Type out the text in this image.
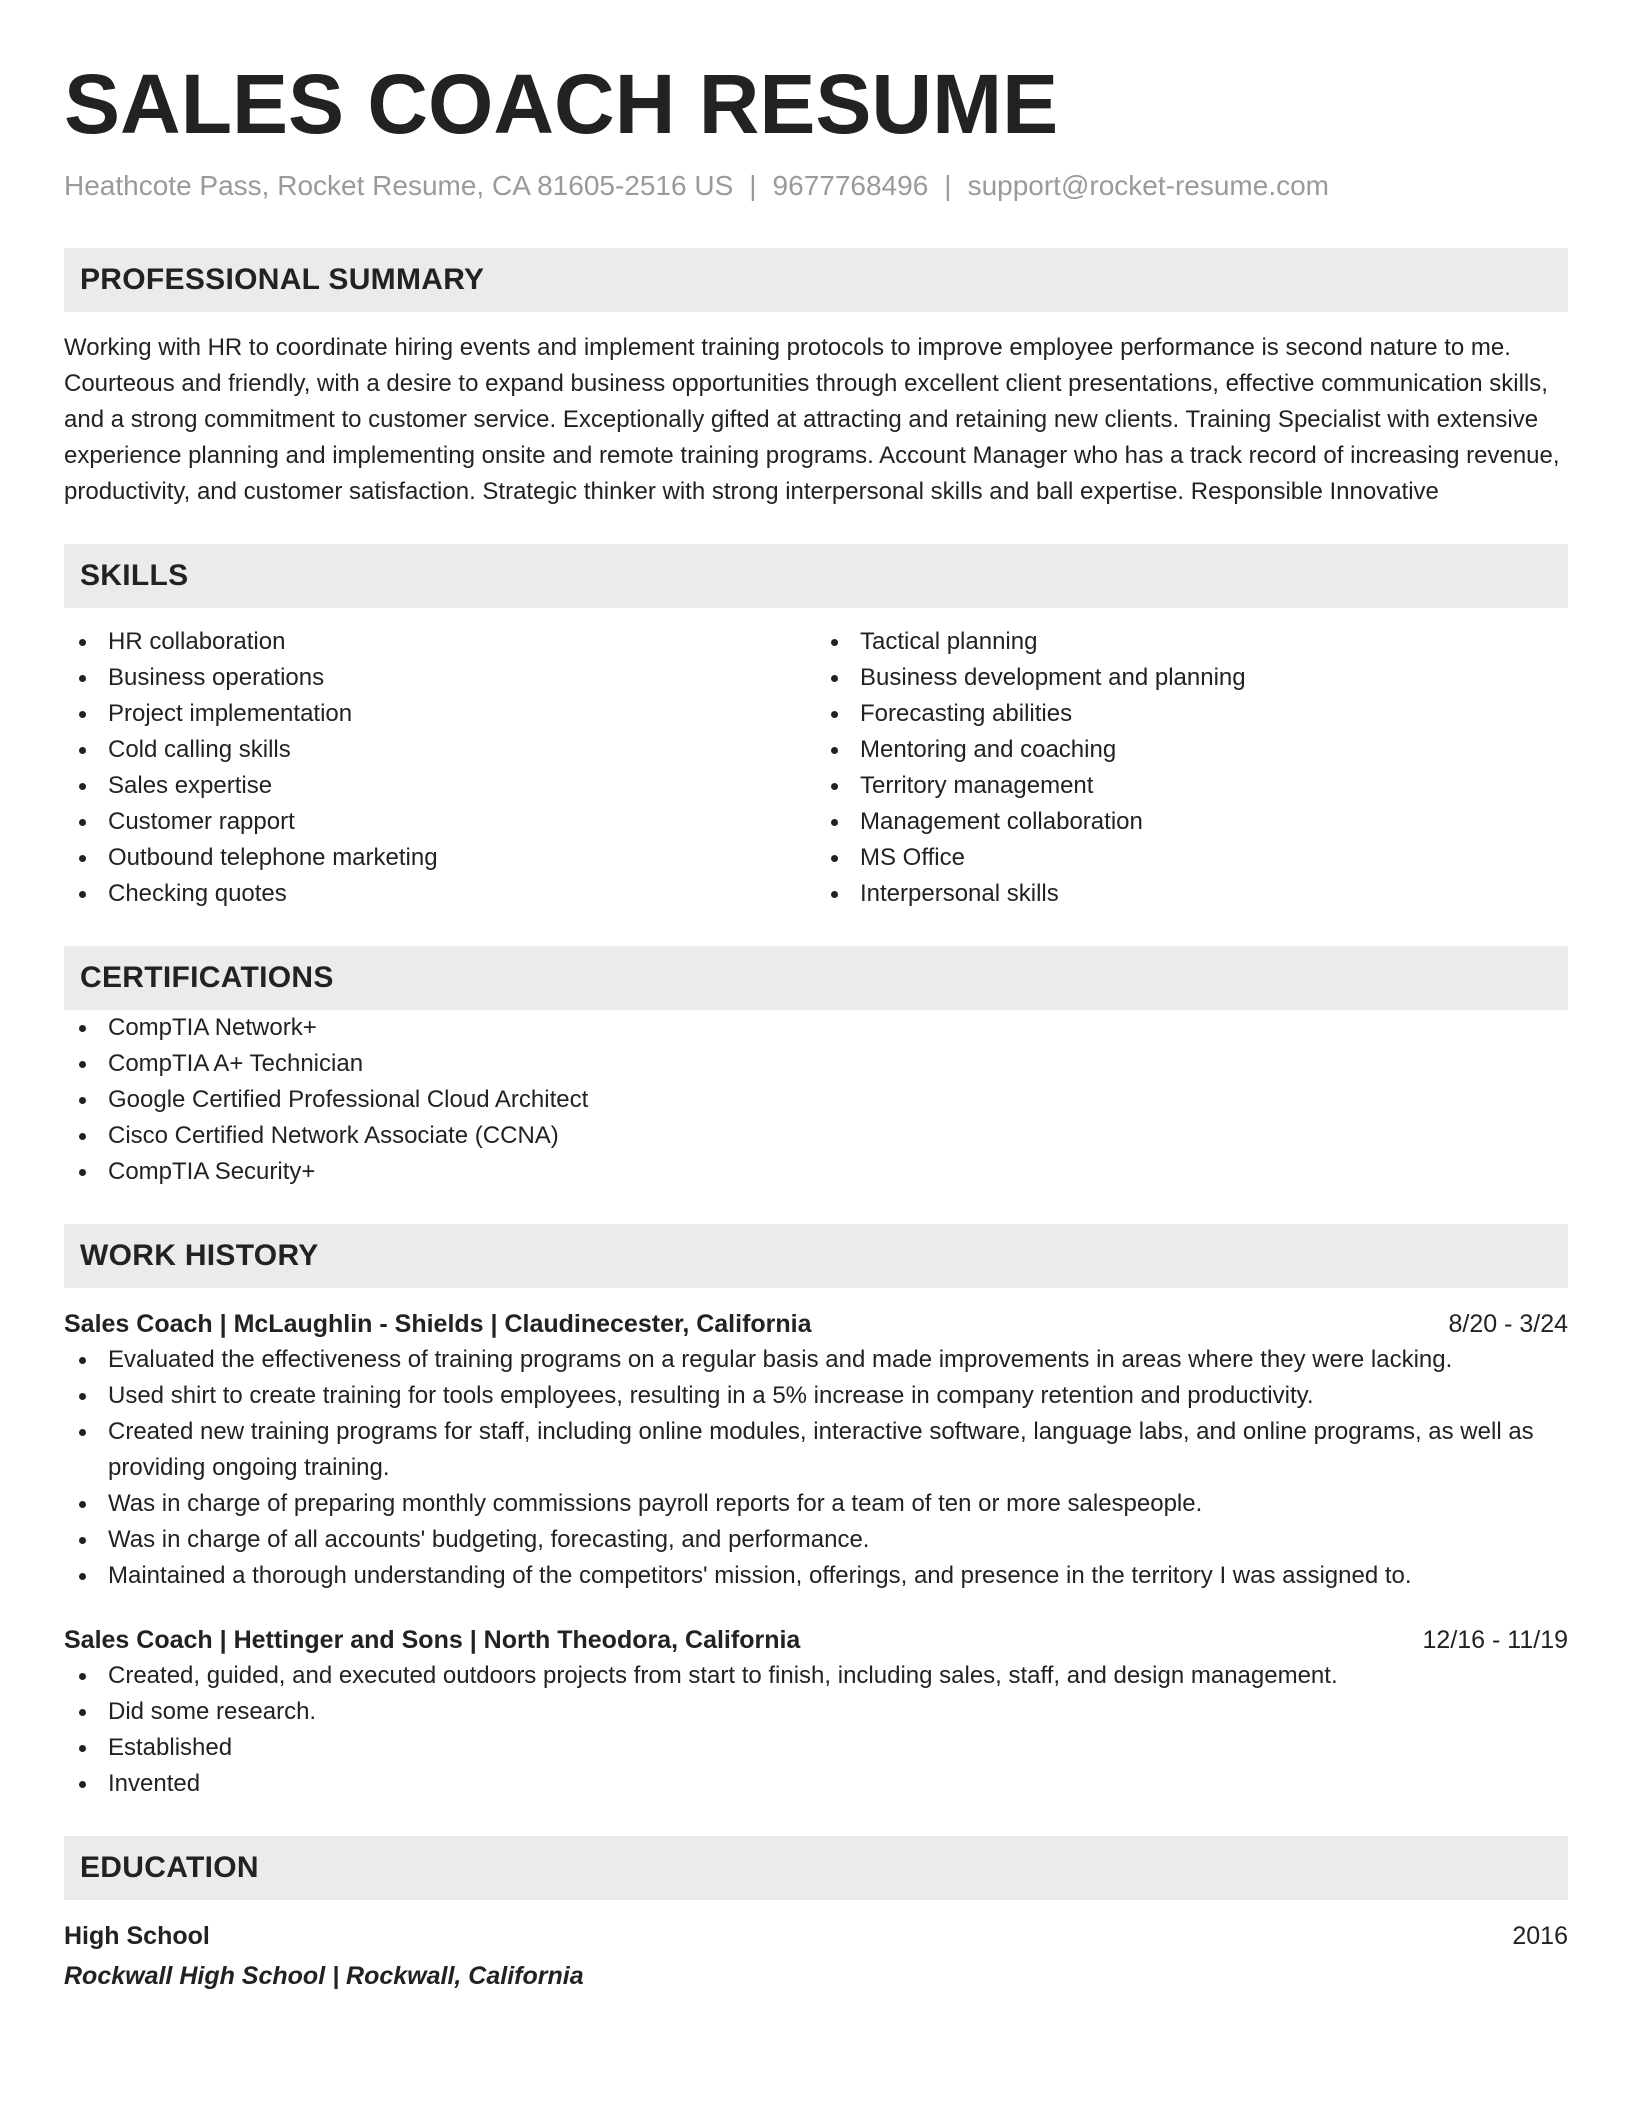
SALES COACH RESUME
Heathcote Pass, Rocket Resume, CA 81605-2516 US | 9677768496 | support@rocket-resume.com
PROFESSIONAL SUMMARY
Working with HR to coordinate hiring events and implement training protocols to improve employee performance is second nature to me. Courteous and friendly, with a desire to expand business opportunities through excellent client presentations, effective communication skills, and a strong commitment to customer service. Exceptionally gifted at attracting and retaining new clients. Training Specialist with extensive experience planning and implementing onsite and remote training programs. Account Manager who has a track record of increasing revenue, productivity, and customer satisfaction. Strategic thinker with strong interpersonal skills and ball expertise. Responsible Innovative
SKILLS
HR collaboration
Business operations
Project implementation
Cold calling skills
Sales expertise
Customer rapport
Outbound telephone marketing
Checking quotes
Tactical planning
Business development and planning
Forecasting abilities
Mentoring and coaching
Territory management
Management collaboration
MS Office
Interpersonal skills
CERTIFICATIONS
CompTIA Network+
CompTIA A+ Technician
Google Certified Professional Cloud Architect
Cisco Certified Network Associate (CCNA)
CompTIA Security+
WORK HISTORY
Sales Coach | McLaughlin - Shields | Claudinecester, California	8/20 - 3/24
Evaluated the effectiveness of training programs on a regular basis and made improvements in areas where they were lacking.
Used shirt to create training for tools employees, resulting in a 5% increase in company retention and productivity.
Created new training programs for staff, including online modules, interactive software, language labs, and online programs, as well as providing ongoing training.
Was in charge of preparing monthly commissions payroll reports for a team of ten or more salespeople.
Was in charge of all accounts' budgeting, forecasting, and performance.
Maintained a thorough understanding of the competitors' mission, offerings, and presence in the territory I was assigned to.
Sales Coach | Hettinger and Sons | North Theodora, California	12/16 - 11/19
Created, guided, and executed outdoors projects from start to finish, including sales, staff, and design management.
Did some research.
Established
Invented
EDUCATION
High School	2016
Rockwall High School | Rockwall, California
